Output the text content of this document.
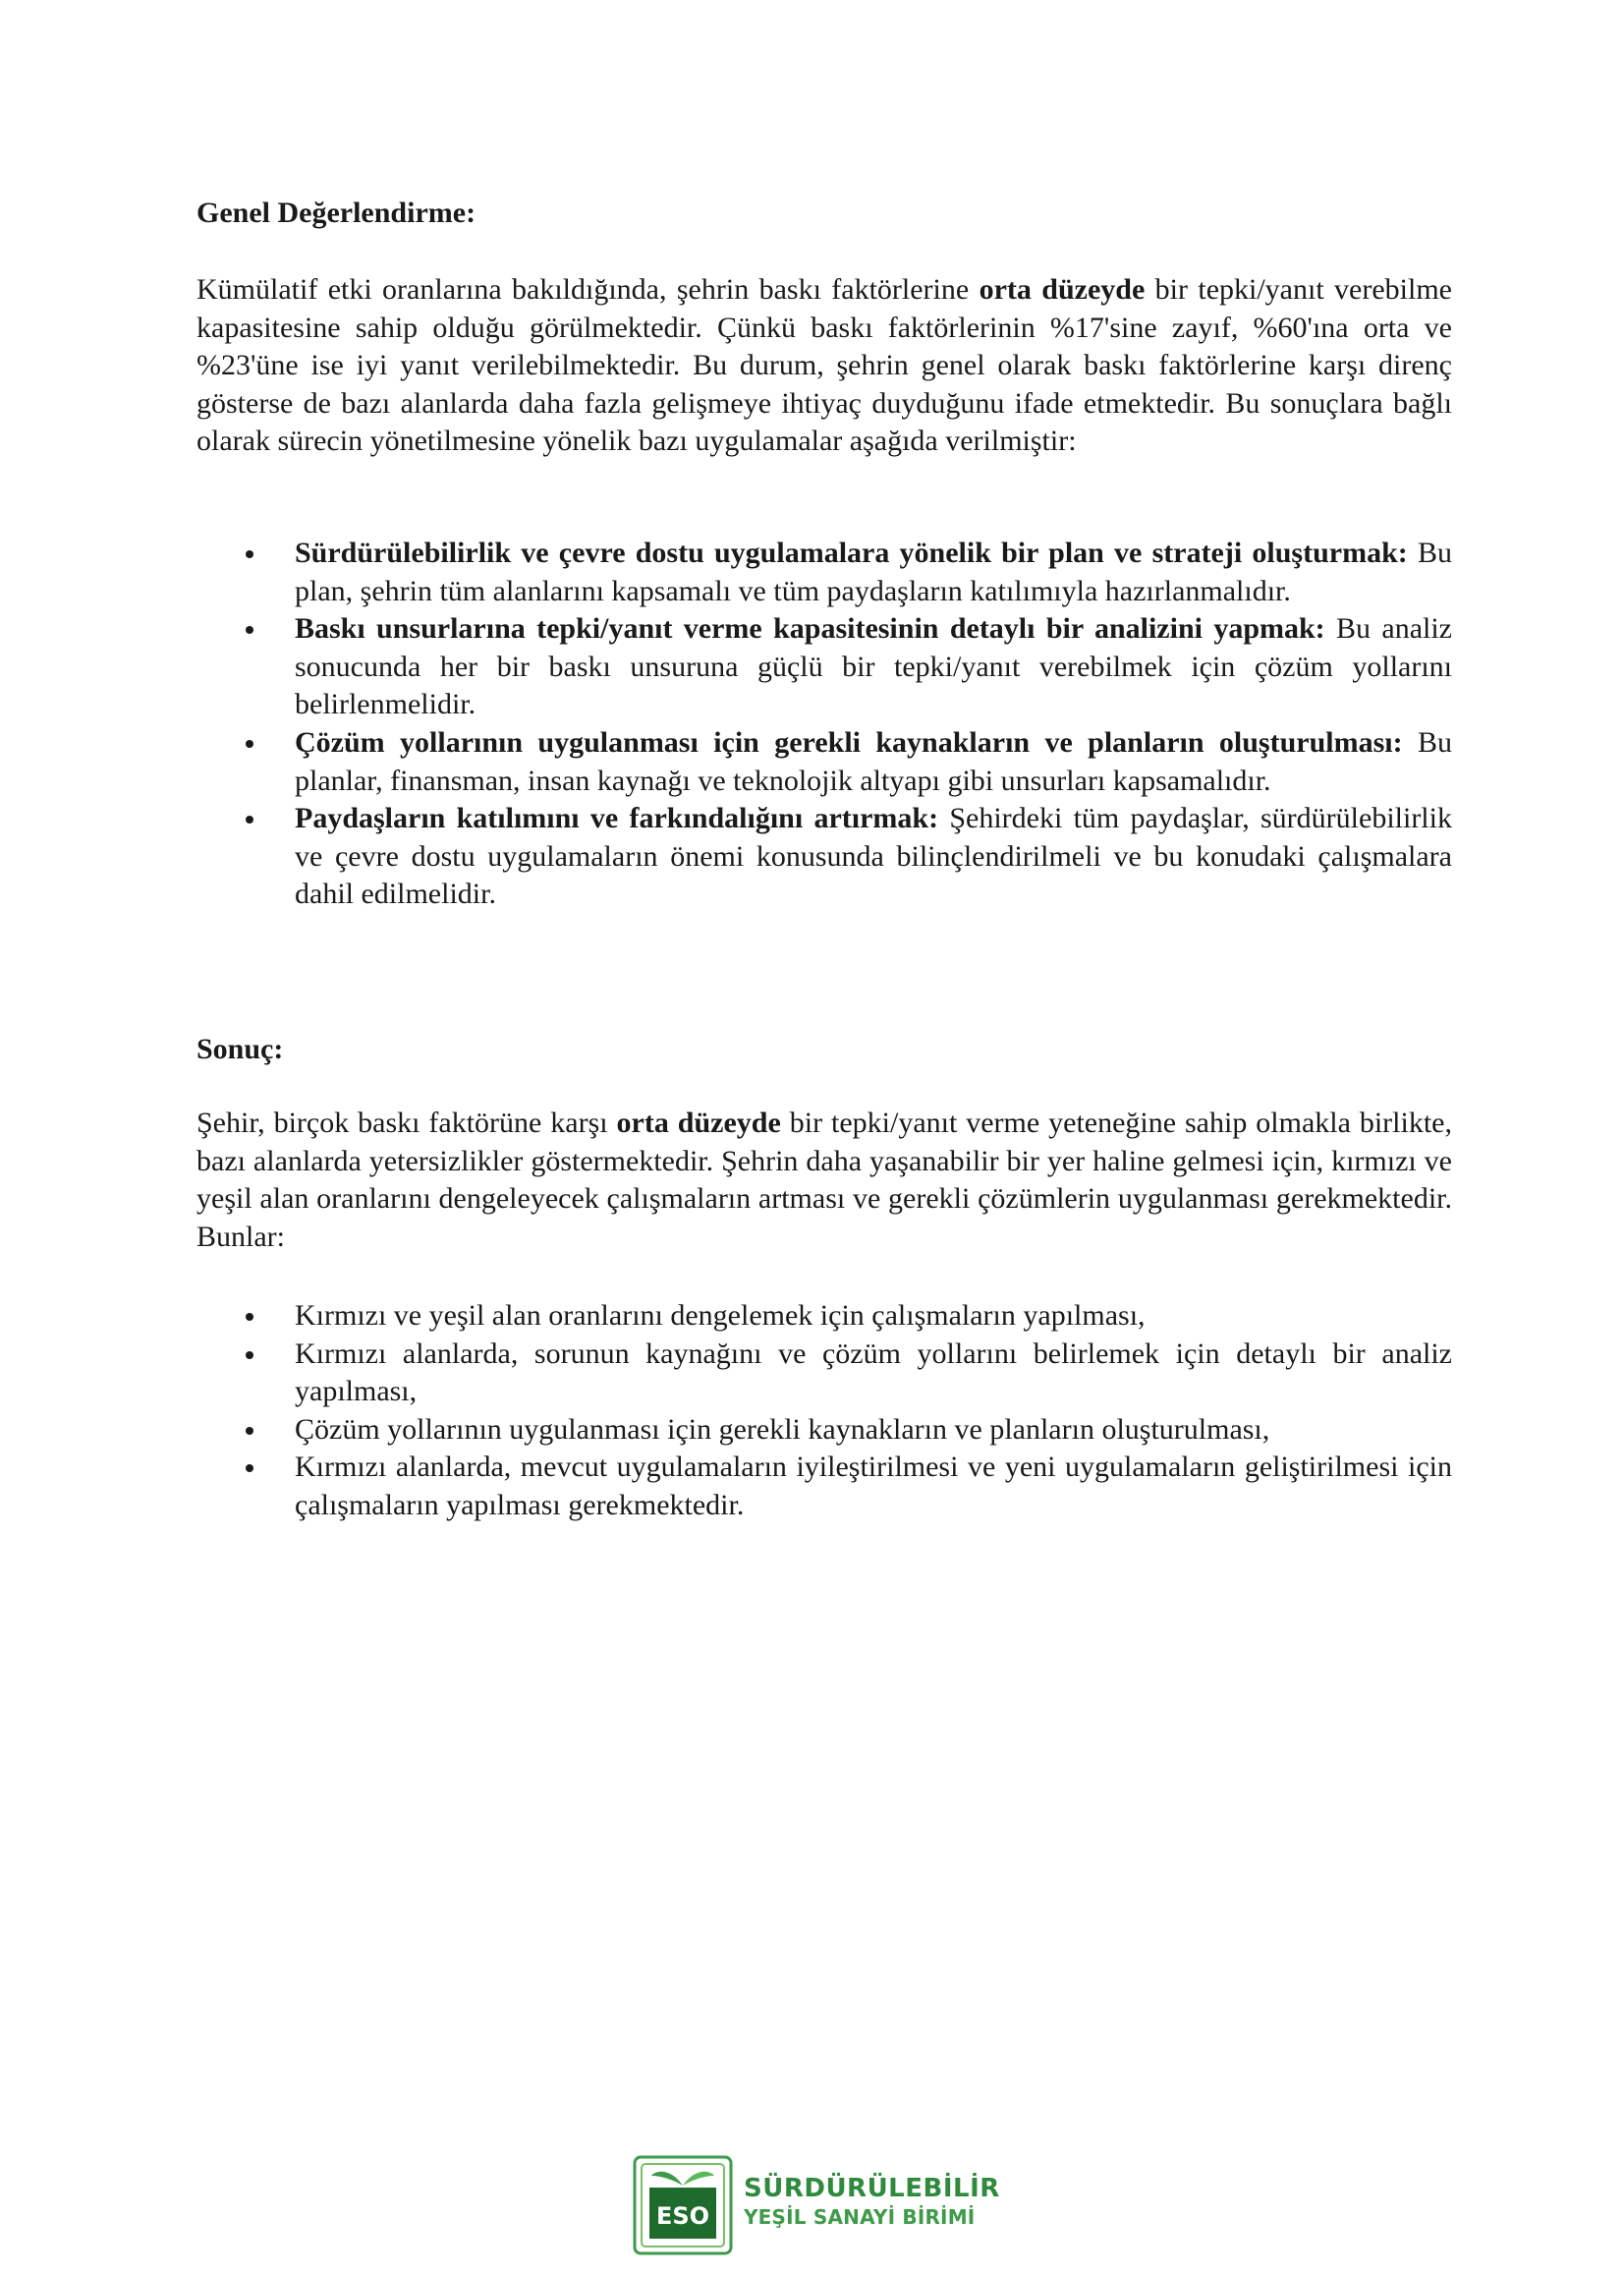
Genel Değerlendirme:
Kümülatif etki oranlarına bakıldığında, şehrin baskı faktörlerine orta düzeyde bir tepki/yanıt verebilme kapasitesine sahip olduğu görülmektedir. Çünkü baskı faktörlerinin %17'sine zayıf, %60'ına orta ve %23'üne ise iyi yanıt verilebilmektedir. Bu durum, şehrin genel olarak baskı faktörlerine karşı direnç gösterse de bazı alanlarda daha fazla gelişmeye ihtiyaç duyduğunu ifade etmektedir. Bu sonuçlara bağlı olarak sürecin yönetilmesine yönelik bazı uygulamalar aşağıda verilmiştir:
Sürdürülebilirlik ve çevre dostu uygulamalara yönelik bir plan ve strateji oluşturmak: Bu plan, şehrin tüm alanlarını kapsamalı ve tüm paydaşların katılımıyla hazırlanmalıdır.
Baskı unsurlarına tepki/yanıt verme kapasitesinin detaylı bir analizini yapmak: Bu analiz sonucunda her bir baskı unsuruna güçlü bir tepki/yanıt verebilmek için çözüm yollarını belirlenmelidir.
Çözüm yollarının uygulanması için gerekli kaynakların ve planların oluşturulması: Bu planlar, finansman, insan kaynağı ve teknolojik altyapı gibi unsurları kapsamalıdır.
Paydaşların katılımını ve farkındalığını artırmak: Şehirdeki tüm paydaşlar, sürdürülebilirlik ve çevre dostu uygulamaların önemi konusunda bilinçlendirilmeli ve bu konudaki çalışmalara dahil edilmelidir.
Sonuç:
Şehir, birçok baskı faktörüne karşı orta düzeyde bir tepki/yanıt verme yeteneğine sahip olmakla birlikte, bazı alanlarda yetersizlikler göstermektedir. Şehrin daha yaşanabilir bir yer haline gelmesi için, kırmızı ve yeşil alan oranlarını dengeleyecek çalışmaların artması ve gerekli çözümlerin uygulanması gerekmektedir. Bunlar:
Kırmızı ve yeşil alan oranlarını dengelemek için çalışmaların yapılması,
Kırmızı alanlarda, sorunun kaynağını ve çözüm yollarını belirlemek için detaylı bir analiz yapılması,
Çözüm yollarının uygulanması için gerekli kaynakların ve planların oluşturulması,
Kırmızı alanlarda, mevcut uygulamaların iyileştirilmesi ve yeni uygulamaların geliştirilmesi için çalışmaların yapılması gerekmektedir.
ESO
SÜRDÜRÜLEBİLİR
YEŞİL SANAYİ BİRİMİ
